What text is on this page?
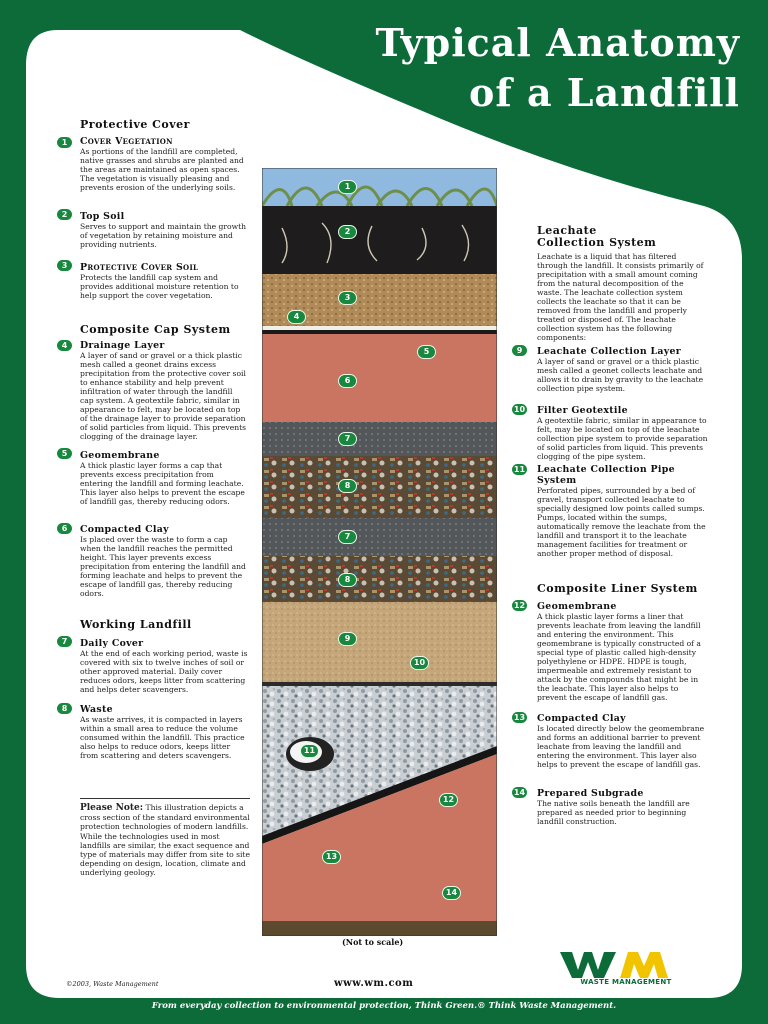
Typical Anatomy
of a Landfill
Protective Cover
1	Cover Vegetation
As portions of the landfill are completed, native grasses and shrubs are planted and the areas are maintained as open spaces. The vegetation is visually pleasing and prevents erosion of the underlying soils.
2	Top Soil
Serves to support and maintain the growth of vegetation by retaining moisture and providing nutrients.
3	Protective Cover Soil
Protects the landfill cap system and provides additional moisture retention to help support the cover vegetation.
Composite Cap System
4	Drainage Layer
A layer of sand or gravel or a thick plastic mesh called a geonet drains excess precipitation from the protective cover soil to enhance stability and help prevent infiltration of water through the landfill cap system. A geotextile fabric, similar in appearance to felt, may be located on top of the drainage layer to provide separation of solid particles from liquid. This prevents clogging of the drainage layer.
5	Geomembrane
A thick plastic layer forms a cap that prevents excess precipitation from entering the landfill and forming leachate. This layer also helps to prevent the escape of landfill gas, thereby reducing odors.
6	Compacted Clay
Is placed over the waste to form a cap when the landfill reaches the permitted height. This layer prevents excess precipitation from entering the landfill and forming leachate and helps to prevent the escape of landfill gas, thereby reducing odors.
Working Landfill
7	Daily Cover
At the end of each working period, waste is covered with six to twelve inches of soil or other approved material. Daily cover reduces odors, keeps litter from scattering and helps deter scavengers.
8	Waste
As waste arrives, it is compacted in layers within a small area to reduce the volume consumed within the landfill. This practice also helps to reduce odors, keeps litter from scattering and deters scavengers.
Please Note: This illustration depicts a cross section of the standard environmental protection technologies of modern landfills. While the technologies used in most landfills are similar, the exact sequence and type of materials may differ from site to site depending on design, location, climate and underlying geology.
1
2
3
4
5
6
7
8
7
8
9
10
11
12
13
14
(Not to scale)
Leachate
Collection System
Leachate is a liquid that has filtered through the landfill. It consists primarily of precipitation with a small amount coming from the natural decomposition of the waste. The leachate collection system collects the leachate so that it can be removed from the landfill and properly treated or disposed of. The leachate collection system has the following components:
9	Leachate Collection Layer
A layer of sand or gravel or a thick plastic mesh called a geonet collects leachate and allows it to drain by gravity to the leachate collection pipe system.
10 Filter Geotextile
A geotextile fabric, similar in appearance to felt, may be located on top of the leachate collection pipe system to provide separation of solid particles from liquid. This prevents clogging of the pipe system.
11 Leachate Collection Pipe System
Perforated pipes, surrounded by a bed of gravel, transport collected leachate to specially designed low points called sumps. Pumps, located within the sumps, automatically remove the leachate from the landfill and transport it to the leachate management facilities for treatment or another proper method of disposal.
Composite Liner System
12 Geomembrane
A thick plastic layer forms a liner that prevents leachate from leaving the landfill and entering the environment. This geomembrane is typically constructed of a special type of plastic called high-density polyethylene or HDPE. HDPE is tough, impermeable and extremely resistant to attack by the compounds that might be in the leachate. This layer also helps to prevent the escape of landfill gas.
13 Compacted Clay
Is located directly below the geomembrane and forms an additional barrier to prevent leachate from leaving the landfill and entering the environment. This layer also helps to prevent the escape of landfill gas.
14 Prepared Subgrade
The native soils beneath the landfill are prepared as needed prior to beginning landfill construction.
©2003, Waste Management	www.wm.com	WASTE MANAGEMENT
From everyday collection to environmental protection, Think Green.® Think Waste Management.
